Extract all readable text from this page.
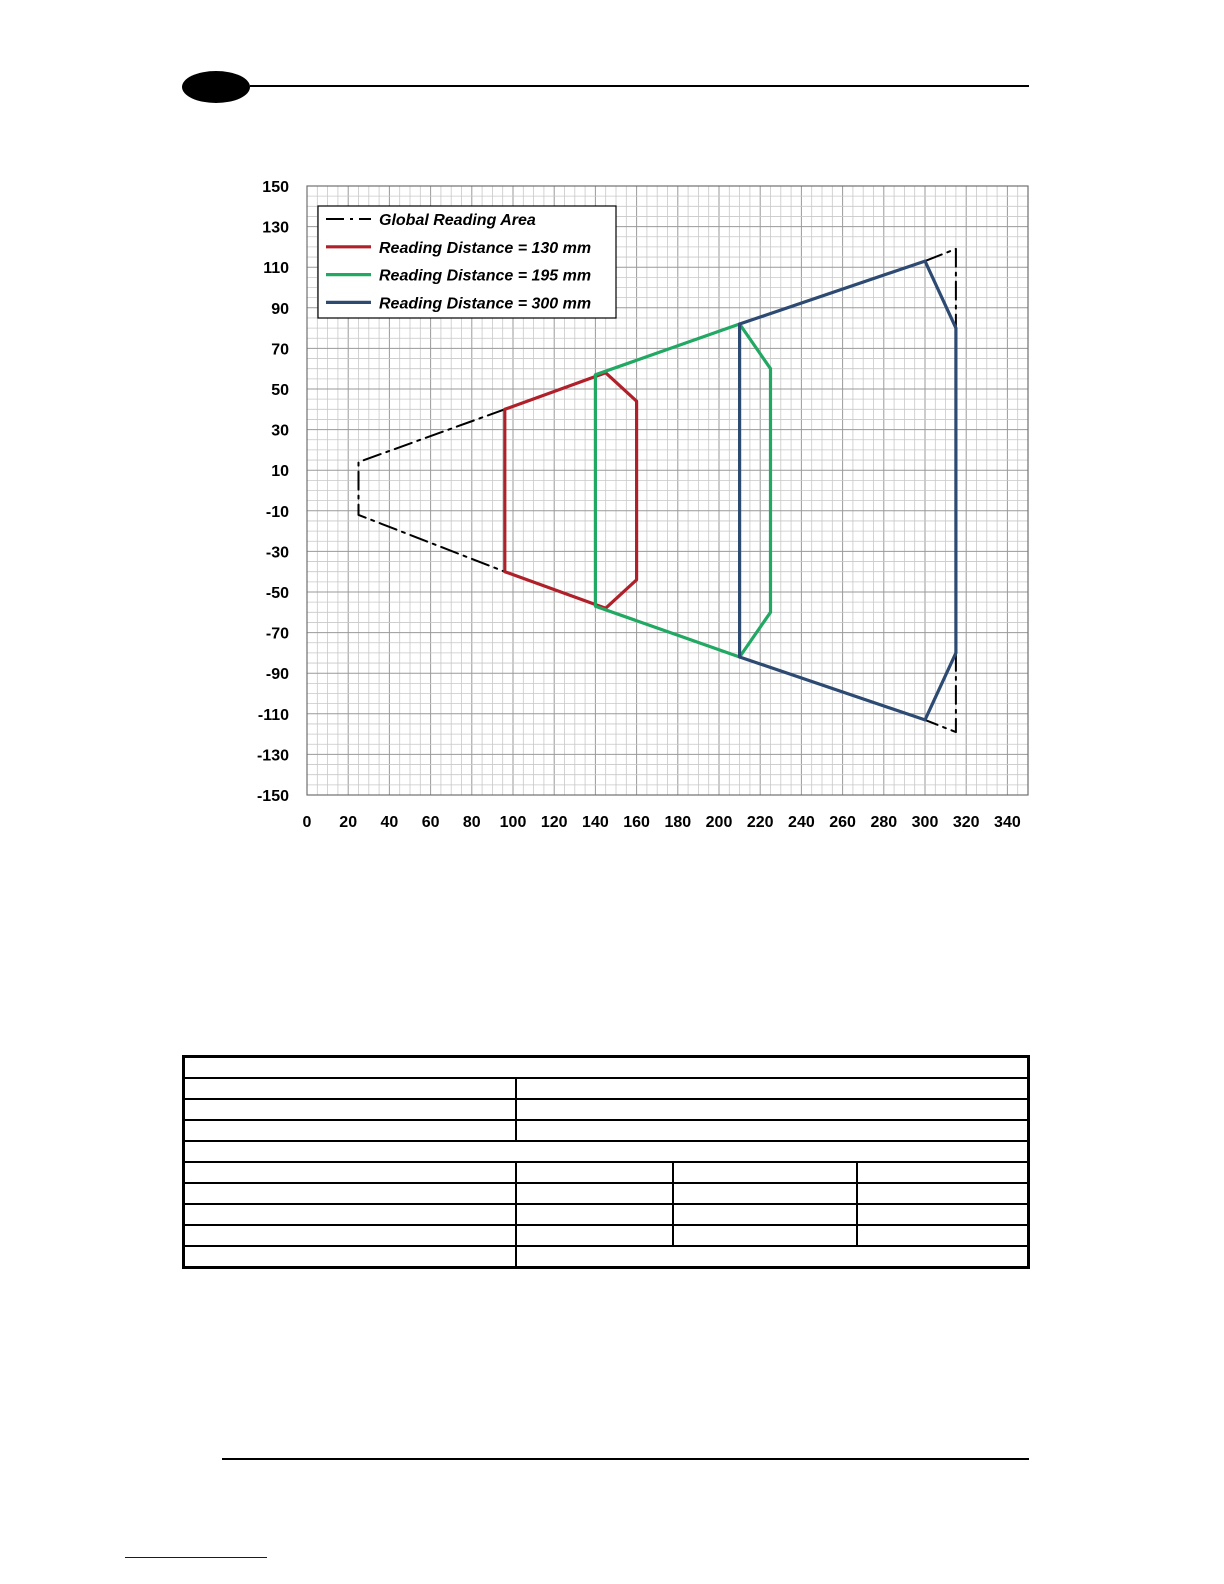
0 20 40 60 80 100 120 140 160 180 200 220 240 260 280 300 320 340
150
130
110
90
70
50
30
10
-10
-30
-50
-70
-90
-110
-130
-150
Global Reading Area
Reading Distance = 130 mm
Reading Distance = 195 mm
Reading Distance = 300 mm
